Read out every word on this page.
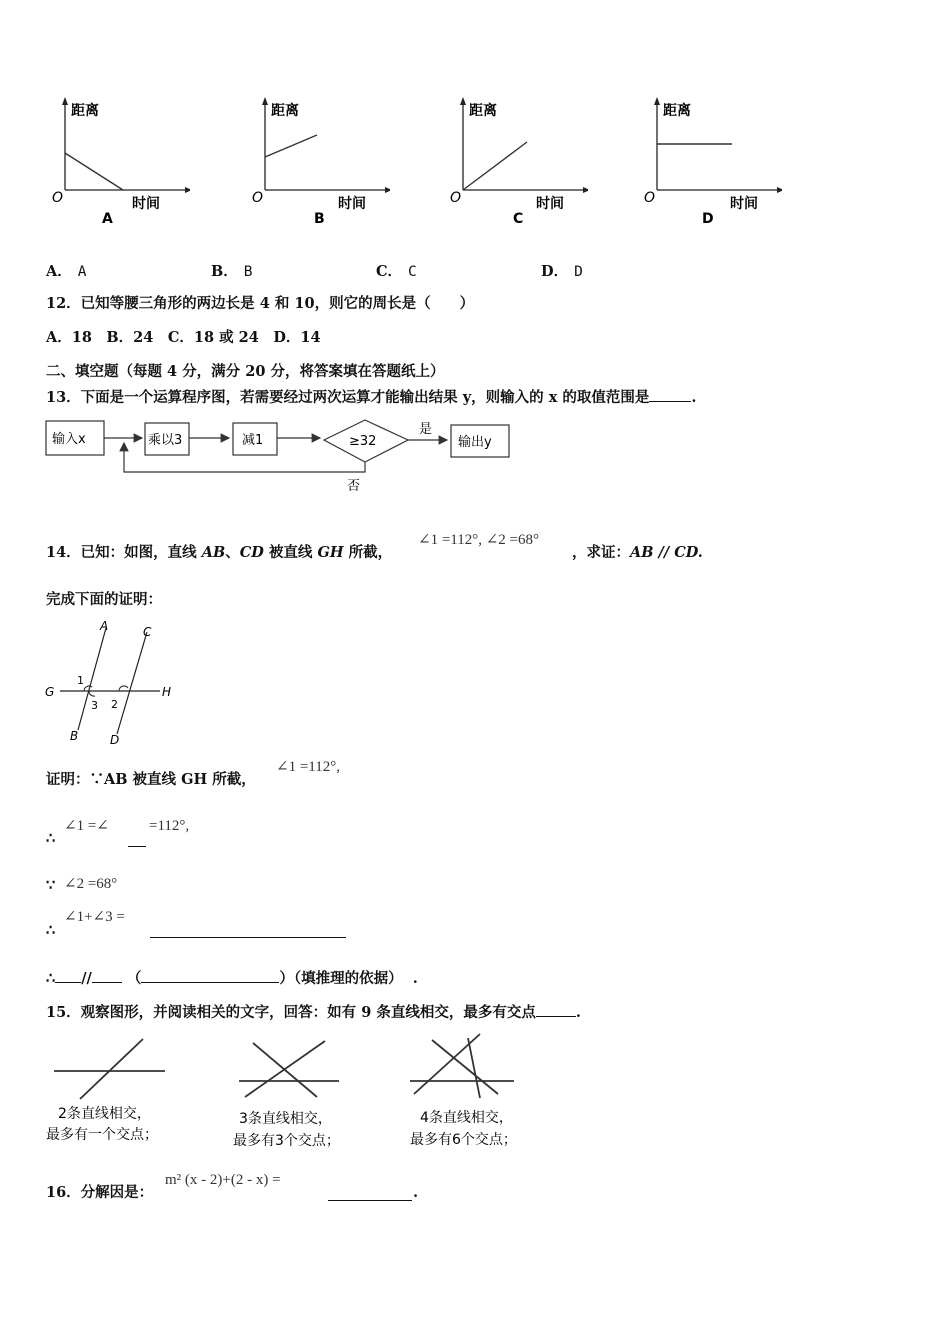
距离
时间
O
A
距离
时间
O
B
距离
时间
O
C
距离
时间
O
D
A． A	B． B	C． C	D． D
12．已知等腰三角形的两边长是 4 和 10，则它的周长是（　　）
A．18　B．24　C．18 或 24　D．14
二、填空题（每题 4 分，满分 20 分，将答案填在答题纸上）
13．下面是一个运算程序图，若需要经过两次运算才能输出结果 y，则输入的 x 的取值范围是	.
输入x	乘以3	减1	≥32
是
输出y
否
14．已知：如图，直线 AB、CD 被直线 GH 所截，
∠1 =112°, ∠2 =68°
，求证：AB // CD.
完成下面的证明：
A	C
G	H
B	D
1
3 2
证明：∵AB 被直线 GH 所截，
∠1 =112°,
∴
∠1 =∠	=112°,
∵ ∠2 =68°
∴
∠1+∠3 =
∴ // （	）（填推理的依据） .
15．观察图形，并阅读相关的文字，回答：如有 9 条直线相交，最多有交点	.
2条直线相交，
最多有一个交点；
3条直线相交，
最多有3个交点；
4条直线相交，
最多有6个交点；
16．分解因是：
m² (x - 2)+(2 - x) =
.
